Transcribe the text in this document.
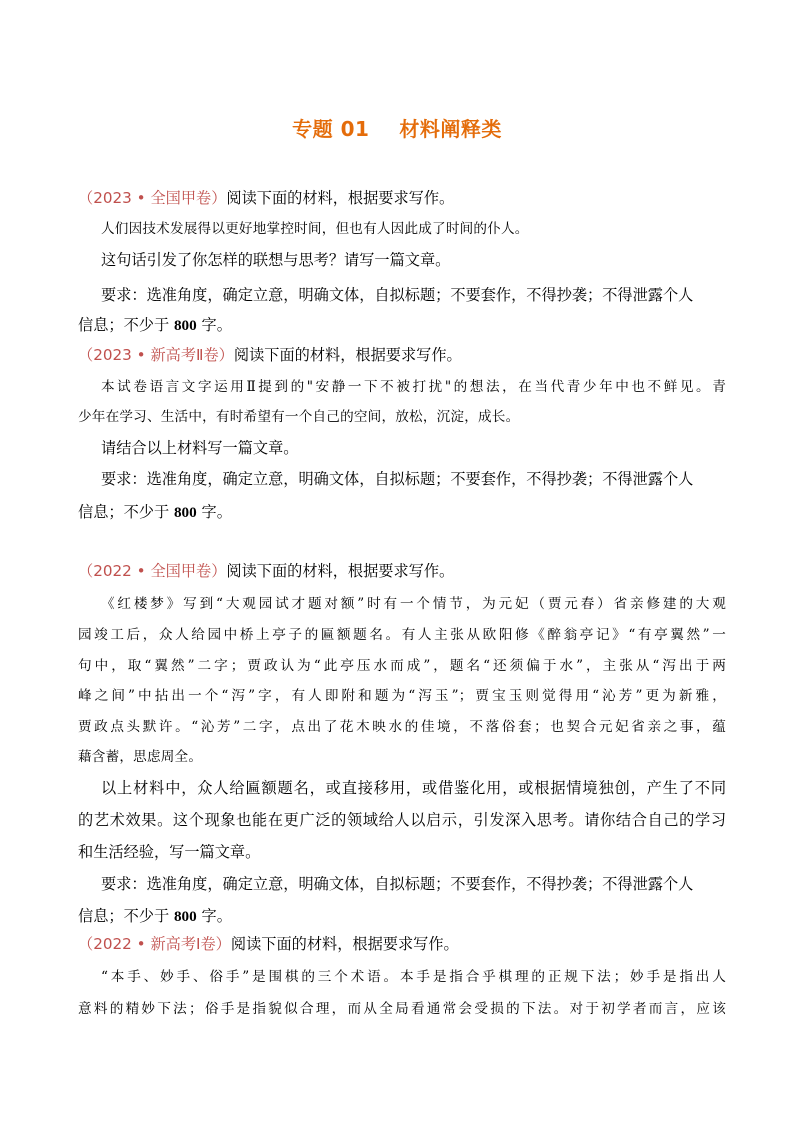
专题 01    材料阐释类
（2023 • 全国甲卷）阅读下面的材料，根据要求写作。
人们因技术发展得以更好地掌控时间，但也有人因此成了时间的仆人。
这句话引发了你怎样的联想与思考？请写一篇文章。
要求：选准角度，确定立意，明确文体，自拟标题；不要套作，不得抄袭；不得泄露个人
信息；不少于 800 字。
（2023 • 新高考Ⅱ卷）阅读下面的材料，根据要求写作。
本试卷语言文字运用Ⅱ提到的"安静一下不被打扰"的想法，在当代青少年中也不鲜见。青
少年在学习、生活中，有时希望有一个自己的空间，放松，沉淀，成长。
请结合以上材料写一篇文章。
要求：选准角度，确定立意，明确文体，自拟标题；不要套作，不得抄袭；不得泄露个人
信息；不少于 800 字。
（2022 • 全国甲卷）阅读下面的材料，根据要求写作。
《红楼梦》写到“大观园试才题对额”时有一个情节，为元妃（贾元春）省亲修建的大观
园竣工后，众人给园中桥上亭子的匾额题名。有人主张从欧阳修《醉翁亭记》“有亭翼然”一
句中，取“翼然”二字；贾政认为“此亭压水而成”，题名“还须偏于水”，主张从“泻出于两
峰之间”中拈出一个“泻”字，有人即附和题为“泻玉”；贾宝玉则觉得用“沁芳”更为新雅，
贾政点头默许。“沁芳”二字，点出了花木映水的佳境，不落俗套；也契合元妃省亲之事，蕴
藉含蓄，思虑周全。
以上材料中，众人给匾额题名，或直接移用，或借鉴化用，或根据情境独创，产生了不同
的艺术效果。这个现象也能在更广泛的领域给人以启示，引发深入思考。请你结合自己的学习
和生活经验，写一篇文章。
要求：选准角度，确定立意，明确文体，自拟标题；不要套作，不得抄袭；不得泄露个人
信息；不少于 800 字。
（2022 • 新高考Ⅰ卷）阅读下面的材料，根据要求写作。
“本手、妙手、俗手”是围棋的三个术语。本手是指合乎棋理的正规下法；妙手是指出人
意料的精妙下法；俗手是指貌似合理，而从全局看通常会受损的下法。对于初学者而言，应该
